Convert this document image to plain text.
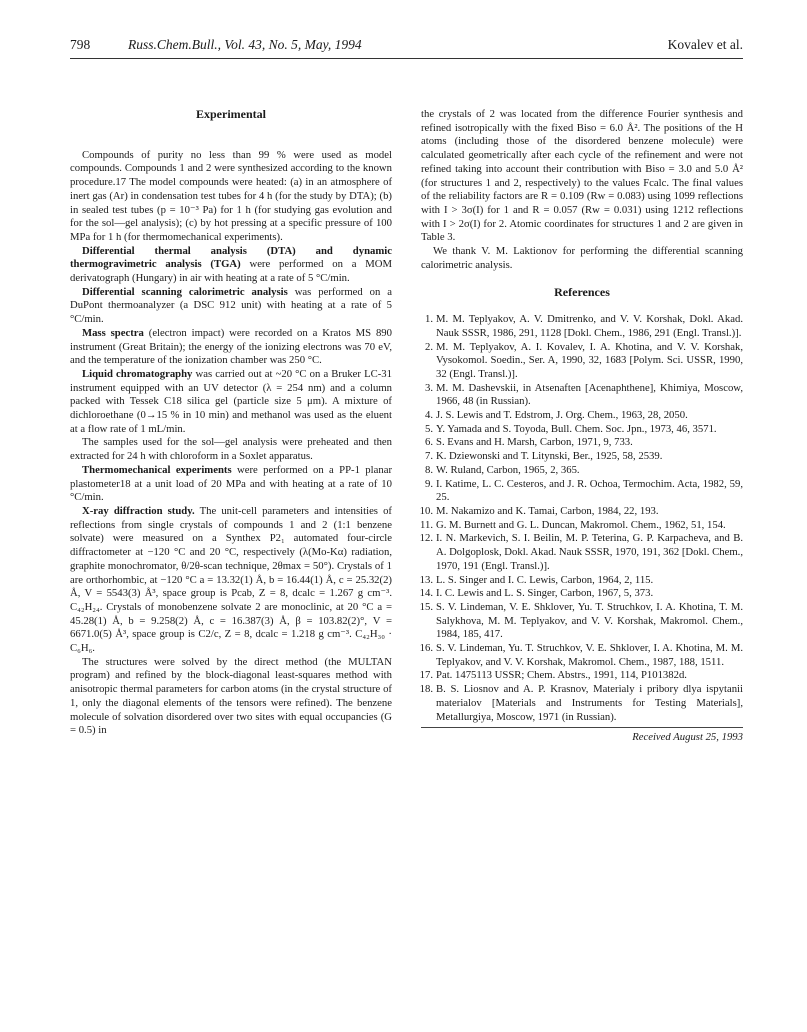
798	Russ.Chem.Bull., Vol. 43, No. 5, May, 1994	Kovalev et al.
Experimental

Compounds of purity no less than 99 % were used as model compounds. Compounds 1 and 2 were synthesized according to the known procedure.17 The model compounds were heated: (a) in an atmosphere of inert gas (Ar) in condensation test tubes for 4 h (for the study by DTA); (b) in sealed test tubes (p = 10⁻³ Pa) for 1 h (for studying gas evolution and for the sol—gel analysis); (c) by hot pressing at a specific pressure of 100 MPa for 1 h (for thermomechanical experiments).

Differential thermal analysis (DTA) and dynamic thermogravimetric analysis (TGA) were performed on a MOM derivatograph (Hungary) in air with heating at a rate of 5 °C/min.

Differential scanning calorimetric analysis was performed on a DuPont thermoanalyzer (a DSC 912 unit) with heating at a rate of 5 °C/min.

Mass spectra (electron impact) were recorded on a Kratos MS 890 instrument (Great Britain); the energy of the ionizing electrons was 70 eV, and the temperature of the ionization chamber was 250 °C.

Liquid chromatography was carried out at ~20 °C on a Bruker LC-31 instrument equipped with an UV detector (λ = 254 nm) and a column packed with Tessek C18 silica gel (particle size 5 μm). A mixture of dichloroethane (0→15 % in 10 min) and methanol was used as the eluent at a flow rate of 1 mL/min.

The samples used for the sol—gel analysis were preheated and then extracted for 24 h with chloroform in a Soxlet apparatus.

Thermomechanical experiments were performed on a PP-1 planar plastometer18 at a unit load of 20 MPa and with heating at a rate of 10 °C/min.

X-ray diffraction study. The unit-cell parameters and intensities of reflections from single crystals of compounds 1 and 2 (1:1 benzene solvate) were measured on a Synthex P2₁ automated four-circle diffractometer at −120 °C and 20 °C, respectively (λ(Mo-Kα) radiation, graphite monochromator, θ/2θ-scan technique, 2θmax = 50°). Crystals of 1 are orthorhombic, at −120 °C a = 13.32(1) Å, b = 16.44(1) Å, c = 25.32(2) Å, V = 5543(3) Å³, space group is Pcab, Z = 8, dcalc = 1.267 g cm⁻³. C₄₂H₂₄. Crystals of monobenzene solvate 2 are monoclinic, at 20 °C a = 45.28(1) Å, b = 9.258(2) Å, c = 16.387(3) Å, β = 103.82(2)°, V = 6671.0(5) Å³, space group is C2/c, Z = 8, dcalc = 1.218 g cm⁻³. C₄₂H₃₀ · C₆H₆.

The structures were solved by the direct method (the MULTAN program) and refined by the block-diagonal least-squares method with anisotropic thermal parameters for carbon atoms (in the crystal structure of 1, only the diagonal elements of the tensors were refined). The benzene molecule of solvation disordered over two sites with equal occupancies (G = 0.5) in

the crystals of 2 was located from the difference Fourier synthesis and refined isotropically with the fixed Biso = 6.0 Å². The positions of the H atoms (including those of the disordered benzene molecule) were calculated geometrically after each cycle of the refinement and were not refined taking into account their contribution with Biso = 3.0 and 5.0 Å² (for structures 1 and 2, respectively) to the values Fcalc. The final values of the reliability factors are R = 0.109 (Rw = 0.083) using 1099 reflections with I > 3σ(I) for 1 and R = 0.057 (Rw = 0.031) using 1212 reflections with I > 2σ(I) for 2. Atomic coordinates for structures 1 and 2 are given in Table 3.

We thank V. M. Laktionov for performing the differential scanning calorimetric analysis.

References
1. M. M. Teplyakov, A. V. Dmitrenko, and V. V. Korshak, Dokl. Akad. Nauk SSSR, 1986, 291, 1128 [Dokl. Chem., 1986, 291 (Engl. Transl.)].
2. M. M. Teplyakov, A. I. Kovalev, I. A. Khotina, and V. V. Korshak, Vysokomol. Soedin., Ser. A, 1990, 32, 1683 [Polym. Sci. USSR, 1990, 32 (Engl. Transl.)].
3. M. M. Dashevskii, in Atsenaften [Acenaphthene], Khimiya, Moscow, 1966, 48 (in Russian).
4. J. S. Lewis and T. Edstrom, J. Org. Chem., 1963, 28, 2050.
5. Y. Yamada and S. Toyoda, Bull. Chem. Soc. Jpn., 1973, 46, 3571.
6. S. Evans and H. Marsh, Carbon, 1971, 9, 733.
7. K. Dziewonski and T. Litynski, Ber., 1925, 58, 2539.
8. W. Ruland, Carbon, 1965, 2, 365.
9. I. Katime, L. C. Cesteros, and J. R. Ochoa, Termochim. Acta, 1982, 59, 25.
10. M. Nakamizo and K. Tamai, Carbon, 1984, 22, 193.
11. G. M. Burnett and G. L. Duncan, Makromol. Chem., 1962, 51, 154.
12. I. N. Markevich, S. I. Beilin, M. P. Teterina, G. P. Karpacheva, and B. A. Dolgoplosk, Dokl. Akad. Nauk SSSR, 1970, 191, 362 [Dokl. Chem., 1970, 191 (Engl. Transl.)].
13. L. S. Singer and I. C. Lewis, Carbon, 1964, 2, 115.
14. I. C. Lewis and L. S. Singer, Carbon, 1967, 5, 373.
15. S. V. Lindeman, V. E. Shklover, Yu. T. Struchkov, I. A. Khotina, T. M. Salykhova, M. M. Teplyakov, and V. V. Korshak, Makromol. Chem., 1984, 185, 417.
16. S. V. Lindeman, Yu. T. Struchkov, V. E. Shklover, I. A. Khotina, M. M. Teplyakov, and V. V. Korshak, Makromol. Chem., 1987, 188, 1511.
17. Pat. 1475113 USSR; Chem. Abstrs., 1991, 114, P101382d.
18. B. S. Liosnov and A. P. Krasnov, Materialy i pribory dlya ispytanii materialov [Materials and Instruments for Testing Materials], Metallurgiya, Moscow, 1971 (in Russian).
Received August 25, 1993
